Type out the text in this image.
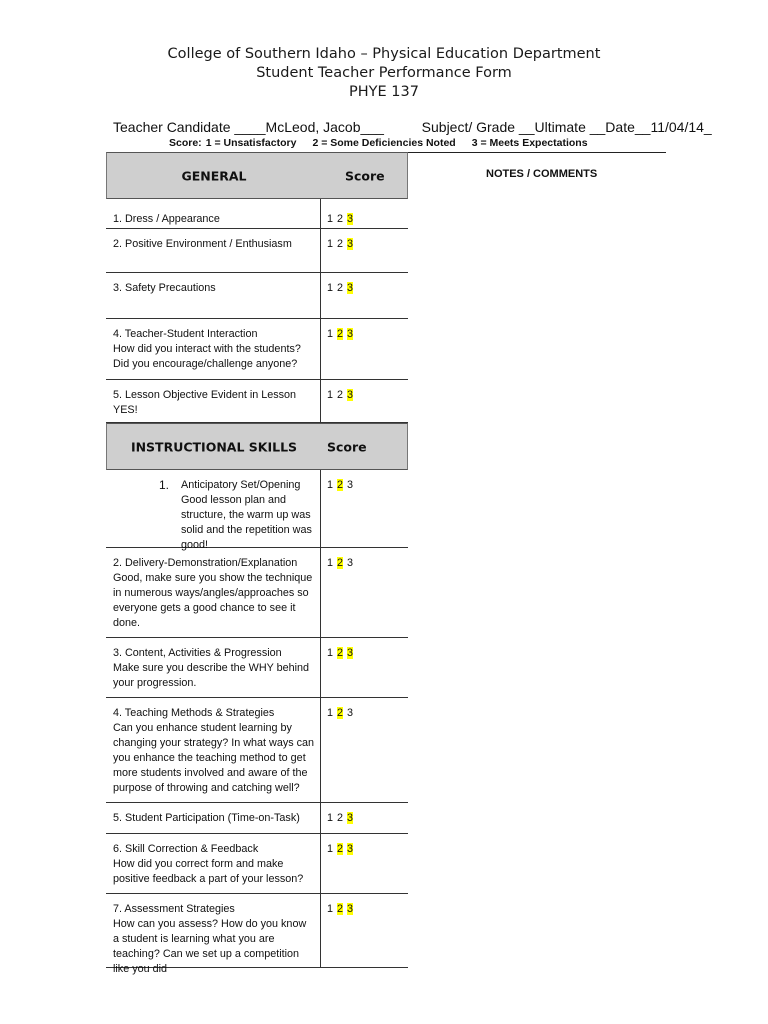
College of Southern Idaho – Physical Education Department
Student Teacher Performance Form
PHYE 137
Teacher Candidate ____McLeod, Jacob___	Subject/ Grade __Ultimate __Date__11/04/14_
Score: 1 = Unsatisfactory 2 = Some Deficiencies Noted 3 = Meets Expectations
NOTES / COMMENTS
GENERAL	Score
1. Dress / Appearance	1 2 3
2. Positive Environment / Enthusiasm	1 2 3
3. Safety Precautions	1 2 3
4. Teacher-Student Interaction
How did you interact with the students? Did you encourage/challenge anyone?
1 2 3
5. Lesson Objective Evident in Lesson
YES!
1 2 3
INSTRUCTIONAL SKILLS	Score
1. Anticipatory Set/Opening
Good lesson plan and structure, the warm up was solid and the repetition was good!
1 2 3
2. Delivery-Demonstration/Explanation
Good, make sure you show the technique in numerous ways/angles/approaches so everyone gets a good chance to see it done.
1 2 3
3. Content, Activities & Progression
Make sure you describe the WHY behind your progression.
1 2 3
4. Teaching Methods & Strategies
Can you enhance student learning by changing your strategy? In what ways can you enhance the teaching method to get more students involved and aware of the purpose of throwing and catching well?
1 2 3
5. Student Participation (Time-on-Task)	1 2 3
6. Skill Correction & Feedback
How did you correct form and make positive feedback a part of your lesson?
1 2 3
7. Assessment Strategies
How can you assess? How do you know a student is learning what you are teaching? Can we set up a competition like you did
1 2 3
